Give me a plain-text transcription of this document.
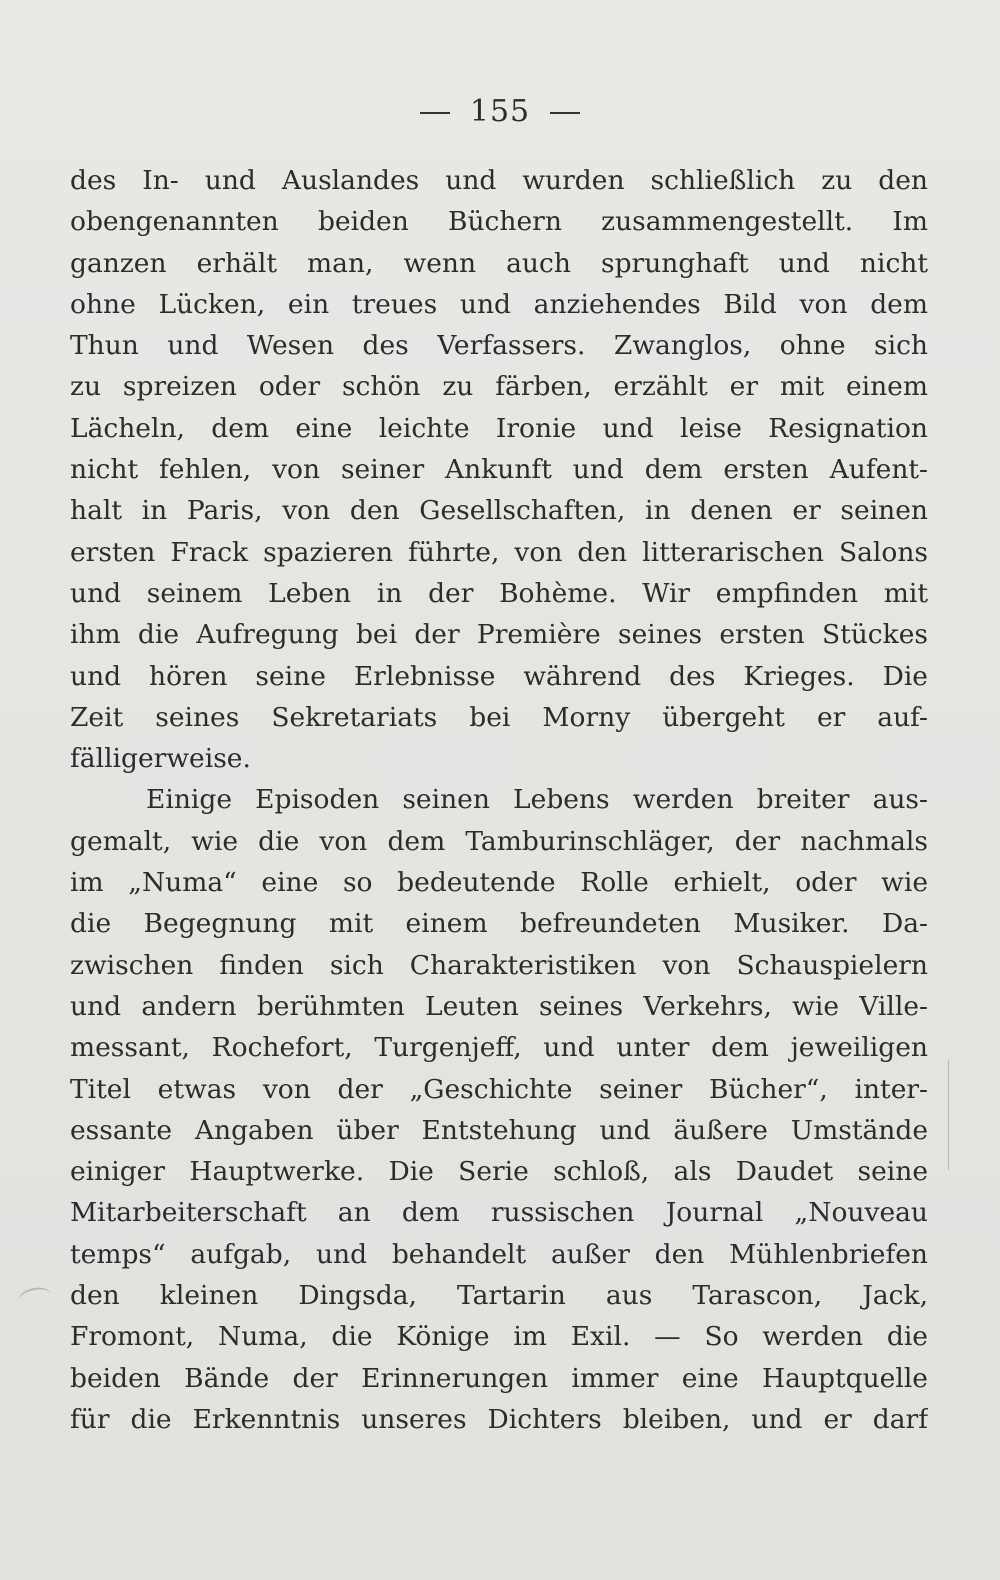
155
des In- und Auslandes und wurden schließlich zu den
obengenannten beiden Büchern zusammengestellt. Im
ganzen erhält man, wenn auch sprunghaft und nicht
ohne Lücken, ein treues und anziehendes Bild von dem
Thun und Wesen des Verfassers. Zwanglos, ohne sich
zu spreizen oder schön zu färben, erzählt er mit einem
Lächeln, dem eine leichte Ironie und leise Resignation
nicht fehlen, von seiner Ankunft und dem ersten Aufent-
halt in Paris, von den Gesellschaften, in denen er seinen
ersten Frack spazieren führte, von den litterarischen Salons
und seinem Leben in der Bohème. Wir empfinden mit
ihm die Aufregung bei der Première seines ersten Stückes
und hören seine Erlebnisse während des Krieges. Die
Zeit seines Sekretariats bei Morny übergeht er auf-
fälligerweise.
Einige Episoden seinen Lebens werden breiter aus-
gemalt, wie die von dem Tamburinschläger, der nachmals
im „Numa“ eine so bedeutende Rolle erhielt, oder wie
die Begegnung mit einem befreundeten Musiker. Da-
zwischen finden sich Charakteristiken von Schauspielern
und andern berühmten Leuten seines Verkehrs, wie Ville-
messant, Rochefort, Turgenjeff, und unter dem jeweiligen
Titel etwas von der „Geschichte seiner Bücher“, inter-
essante Angaben über Entstehung und äußere Umstände
einiger Hauptwerke. Die Serie schloß, als Daudet seine
Mitarbeiterschaft an dem russischen Journal „Nouveau
temps“ aufgab, und behandelt außer den Mühlenbriefen
den kleinen Dingsda, Tartarin aus Tarascon, Jack,
Fromont, Numa, die Könige im Exil. — So werden die
beiden Bände der Erinnerungen immer eine Hauptquelle
für die Erkenntnis unseres Dichters bleiben, und er darf
